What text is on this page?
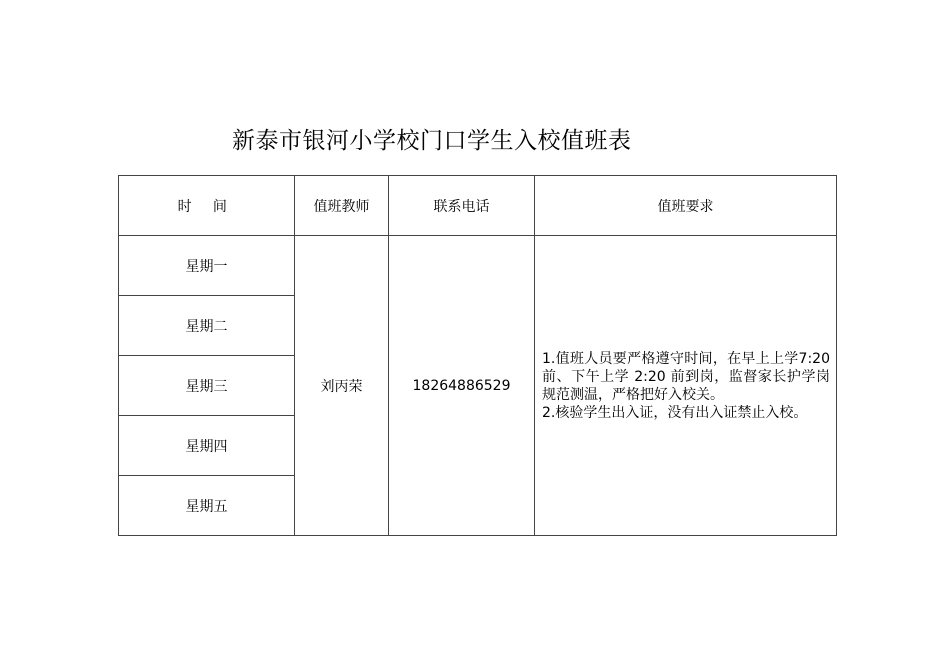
新泰市银河小学校门口学生入校值班表
时 间	值班教师	联系电话	值班要求
星期一	刘丙荣	18264886529	1.值班人员要严格遵守时间，在早上上学7:20 前、下午上学 2:20 前到岗，监督家长护学岗规范测温，严格把好入校关。
2.核验学生出入证，没有出入证禁止入校。

星期二			
星期三			
星期四			
星期五			
